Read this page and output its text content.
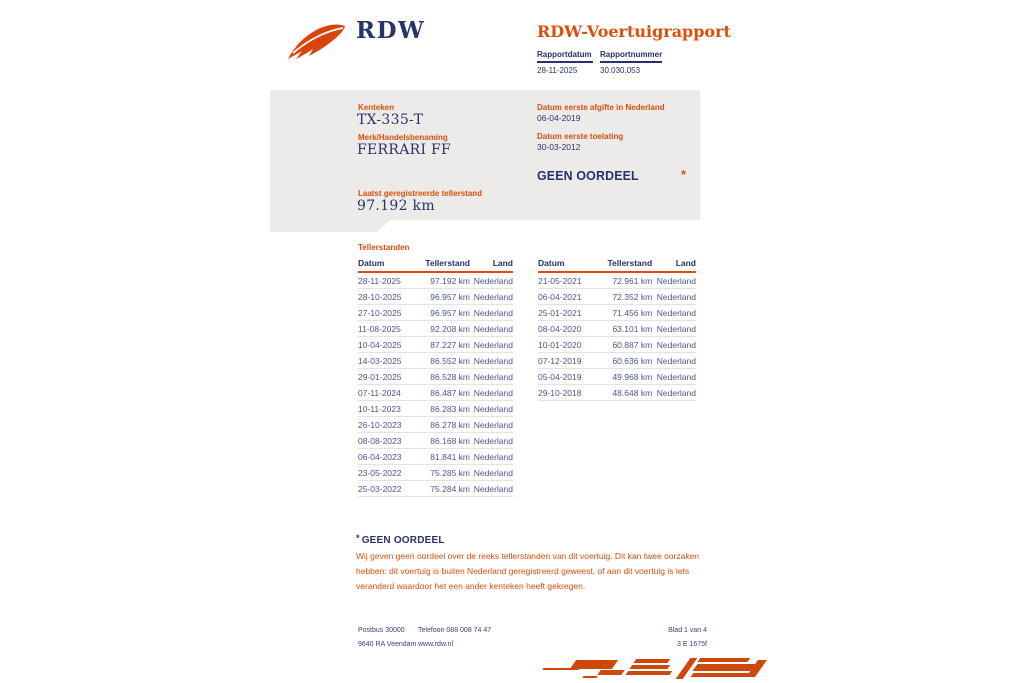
RDW	RDW-Voertuigrapport
Rapportdatum
28-11-2025
Rapportnummer
30.030.053
Kenteken
TX-335-T
Merk/Handelsbenaming
FERRARI FF
Laatst geregistreerde tellerstand
97.192 km
Datum eerste afgifte in Nederland
06-04-2019
Datum eerste toelating
30-03-2012
GEEN OORDEEL	*
Tellerstanden
Datum	Tellerstand	Land
28-11-2025	97.192 km	Nederland
28-10-2025	96.957 km	Nederland
27-10-2025	96.957 km	Nederland
11-08-2025	92.208 km	Nederland
10-04-2025	87.227 km	Nederland
14-03-2025	86.552 km	Nederland
29-01-2025	86.528 km	Nederland
07-11-2024	86.487 km	Nederland
10-11-2023	86.283 km	Nederland
26-10-2023	86.278 km	Nederland
08-08-2023	86.168 km	Nederland
06-04-2023	81.841 km	Nederland
23-05-2022	75.285 km	Nederland
25-03-2022	75.284 km	Nederland
Datum	Tellerstand	Land
21-05-2021	72.961 km	Nederland
06-04-2021	72.352 km	Nederland
25-01-2021	71.456 km	Nederland
08-04-2020	63.101 km	Nederland
10-01-2020	60.887 km	Nederland
07-12-2019	60.636 km	Nederland
05-04-2019	49.968 km	Nederland
29-10-2018	48.648 km	Nederland
* GEEN OORDEEL

Wij geven geen oordeel over de reeks tellerstanden van dit voertuig. Dit kan twee oorzaken hebben: dit voertuig is buiten Nederland geregistreerd geweest, of aan dit voertuig is iets veranderd waardoor het een ander kenteken heeft gekregen.

Postbus 30000
9640 RA Veendam
Telefoon 088 008 74 47
www.rdw.nl
Blad 1 van 4
3 E 1675f
